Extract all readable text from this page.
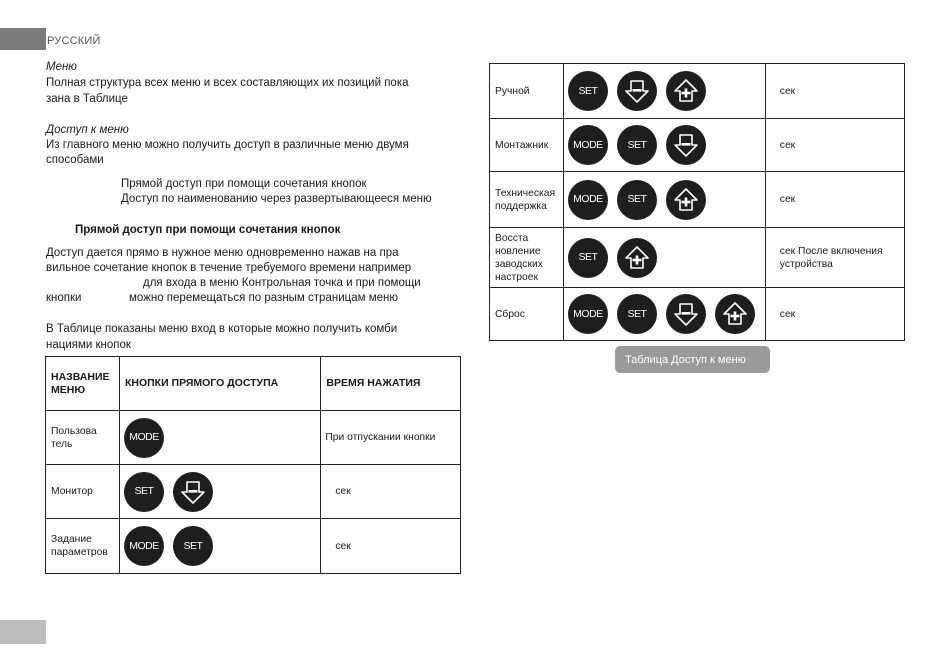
РУССКИЙ
Меню
Полная структура всех меню и всех составляющих их позиций пока
зана в Таблице
Доступ к меню
Из главного меню можно получить доступ в различные меню двумя
способами
Прямой доступ при помощи сочетания кнопок
Доступ по наименованию через развертывающееся меню
Прямой доступ при помощи сочетания кнопок
Доступ дается прямо в нужное меню одновременно нажав на пра
вильное сочетание кнопок в течение требуемого времени например
для входа в меню Контрольная точка и при помощи
кнопки	можно перемещаться по разным страницам меню
В Таблице показаны меню вход в которые можно получить комби
нациями кнопок
НАЗВАНИЕ МЕНЮ	КНОПКИ ПРЯМОГО ДОСТУПА	ВРЕМЯ НАЖАТИЯ
Пользова тель	MODE	При отпускании кнопки
Монитор	SET	сек
Задание параметров	MODE SET	сек
Ручной	SET	сек
Монтажник	MODE SET	сек
Техническая поддержка	MODE SET	сек
Восста новление заводских настроек	SET	сек После включения устройства
Сброс	MODE SET	сек
Таблица Доступ к меню
